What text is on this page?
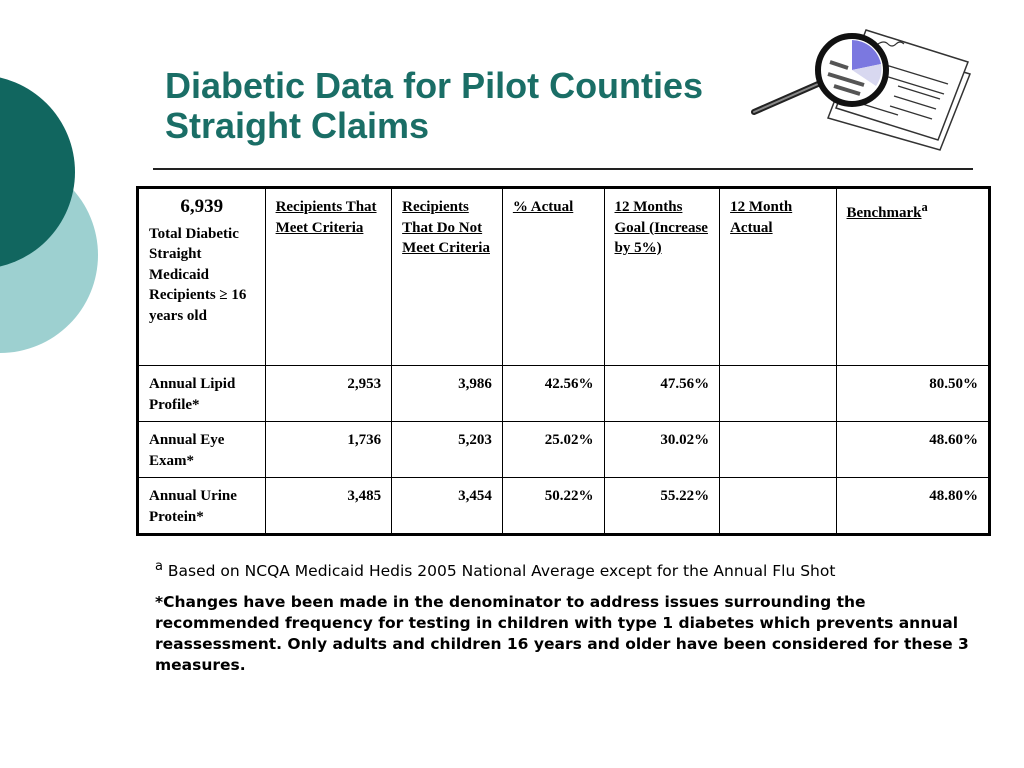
Diabetic Data for Pilot Counties
Straight Claims
6,939
Total Diabetic Straight Medicaid Recipients ≥ 16 years old	Recipients That Meet Criteria	Recipients That Do Not Meet Criteria	% Actual	12 Months Goal (Increase by 5%)	12 Month Actual	Benchmark$^a$
Annual Lipid Profile*	2,953	3,986	42.56%	47.56%		80.50%
Annual Eye Exam*	1,736	5,203	25.02%	30.02%		48.60%
Annual Urine Protein*	3,485	3,454	50.22%	55.22%		48.80%

$^a$ Based on NCQA Medicaid Hedis 2005 National Average except for the Annual Flu Shot

*Changes have been made in the denominator to address issues surrounding the recommended frequency for testing in children with type 1 diabetes which prevents annual reassessment. Only adults and children 16 years and older have been considered for these 3 measures.
